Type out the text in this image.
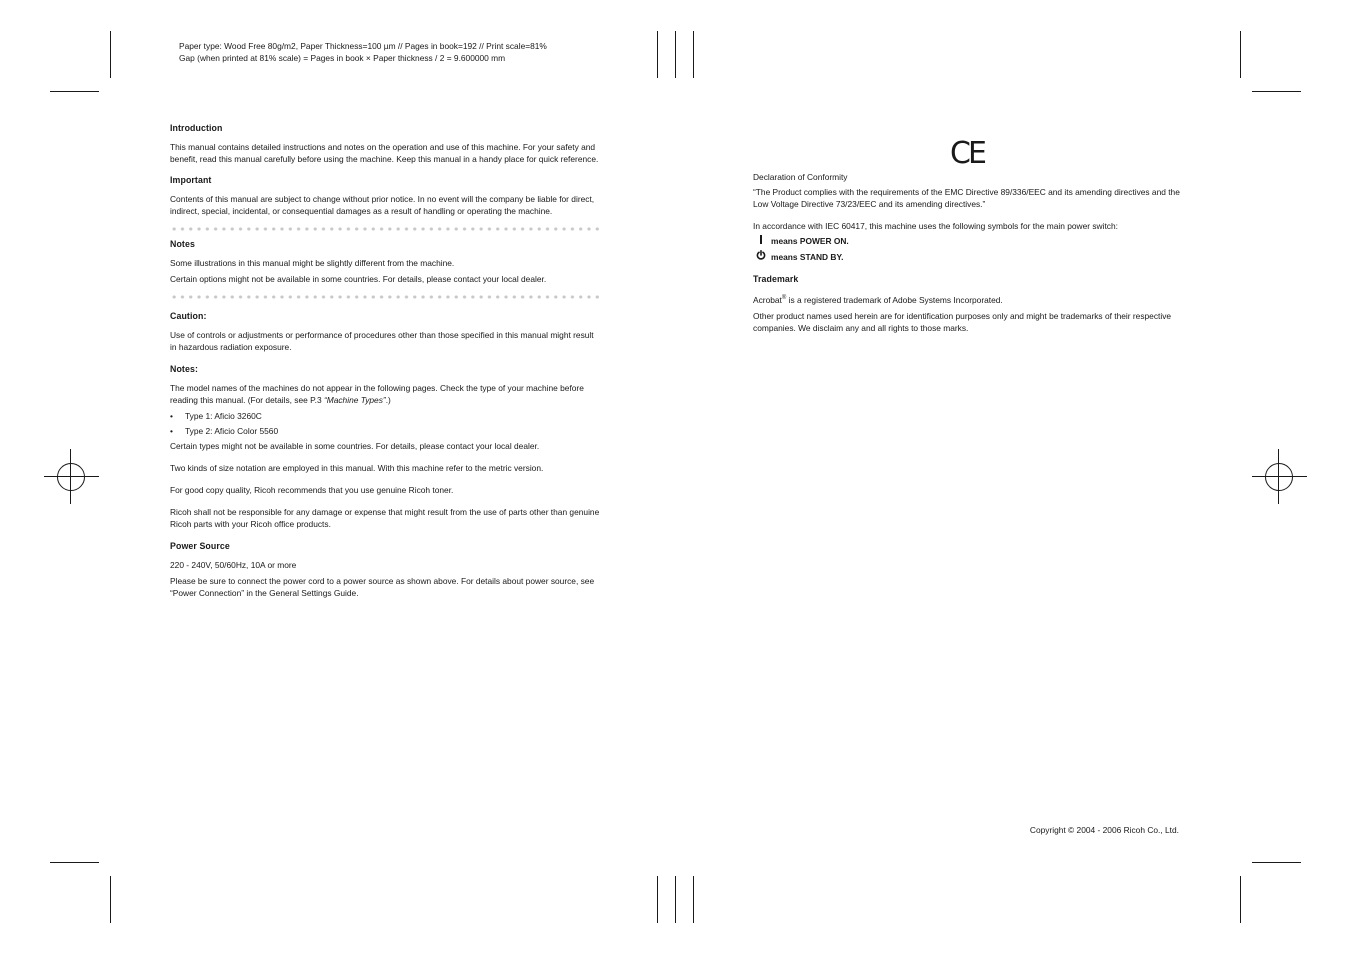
Paper type: Wood Free 80g/m2, Paper Thickness=100 µm // Pages in book=192 // Print scale=81%
Gap (when printed at 81% scale) = Pages in book × Paper thickness / 2 = 9.600000 mm
Introduction

This manual contains detailed instructions and notes on the operation and use of this machine. For your safety and benefit, read this manual carefully before using the machine. Keep this manual in a handy place for quick reference.

Important

Contents of this manual are subject to change without prior notice. In no event will the company be liable for direct, indirect, special, incidental, or consequential damages as a result of handling or operating the machine.

Notes

Some illustrations in this manual might be slightly different from the machine.

Certain options might not be available in some countries. For details, please contact your local dealer.

Caution:

Use of controls or adjustments or performance of procedures other than those specified in this manual might result in hazardous radiation exposure.

Notes:

The model names of the machines do not appear in the following pages. Check the type of your machine before reading this manual. (For details, see P.3 “Machine Types”.)

• Type 1: Aficio 3260C
• Type 2: Aficio Color 5560

Certain types might not be available in some countries. For details, please contact your local dealer.

Two kinds of size notation are employed in this manual. With this machine refer to the metric version.

For good copy quality, Ricoh recommends that you use genuine Ricoh toner.

Ricoh shall not be responsible for any damage or expense that might result from the use of parts other than genuine Ricoh parts with your Ricoh office products.

Power Source

220 - 240V, 50/60Hz, 10A or more

Please be sure to connect the power cord to a power source as shown above. For details about power source, see “Power Connection” in the General Settings Guide.

CE

Declaration of Conformity

“The Product complies with the requirements of the EMC Directive 89/336/EEC and its amending directives and the Low Voltage Directive 73/23/EEC and its amending directives.”

In accordance with IEC 60417, this machine uses the following symbols for the main power switch:

means POWER ON.
means STAND BY.
Trademark

Acrobat® is a registered trademark of Adobe Systems Incorporated.

Other product names used herein are for identification purposes only and might be trademarks of their respective companies. We disclaim any and all rights to those marks.

Copyright © 2004 - 2006 Ricoh Co., Ltd.
